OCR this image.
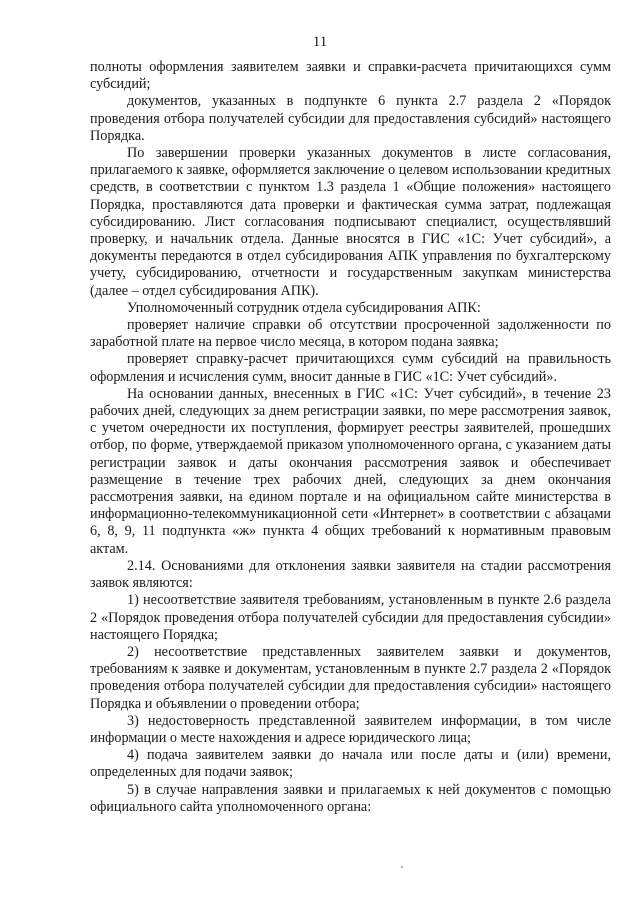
11

полноты оформления заявителем заявки и справки-расчета причитающихся сумм субсидий;

документов, указанных в подпункте 6 пункта 2.7 раздела 2 «Порядок проведения отбора получателей субсидии для предоставления субсидий» настоящего Порядка.

По завершении проверки указанных документов в листе согласования, прилагаемого к заявке, оформляется заключение о целевом использовании кредитных средств, в соответствии с пунктом 1.3 раздела 1 «Общие положения» настоящего Порядка, проставляются дата проверки и фактическая сумма затрат, подлежащая субсидированию. Лист согласования подписывают специалист, осуществлявший проверку, и начальник отдела. Данные вносятся в ГИС «1С: Учет субсидий», а документы передаются в отдел субсидирования АПК управления по бухгалтерскому учету, субсидированию, отчетности и государственным закупкам министерства (далее – отдел субсидирования АПК).

Уполномоченный сотрудник отдела субсидирования АПК:

проверяет наличие справки об отсутствии просроченной задолженности по заработной плате на первое число месяца, в котором подана заявка;

проверяет справку-расчет причитающихся сумм субсидий на правильность оформления и исчисления сумм, вносит данные в ГИС «1С: Учет субсидий».

На основании данных, внесенных в ГИС «1С: Учет субсидий», в течение 23 рабочих дней, следующих за днем регистрации заявки, по мере рассмотрения заявок, с учетом очередности их поступления, формирует реестры заявителей, прошедших отбор, по форме, утверждаемой приказом уполномоченного органа, с указанием даты регистрации заявок и даты окончания рассмотрения заявок и обеспечивает размещение в течение трех рабочих дней, следующих за днем окончания рассмотрения заявки, на едином портале и на официальном сайте министерства в информационно-телекоммуникационной сети «Интернет» в соответствии с абзацами 6, 8, 9, 11 подпункта «ж» пункта 4 общих требований к нормативным правовым актам.

2.14. Основаниями для отклонения заявки заявителя на стадии рассмотрения заявок являются:

1) несоответствие заявителя требованиям, установленным в пункте 2.6 раздела 2 «Порядок проведения отбора получателей субсидии для предоставления субсидии» настоящего Порядка;

2) несоответствие представленных заявителем заявки и документов, требованиям к заявке и документам, установленным в пункте 2.7 раздела 2 «Порядок проведения отбора получателей субсидии для предоставления субсидии» настоящего Порядка и объявлении о проведении отбора;

3) недостоверность представленной заявителем информации, в том числе информации о месте нахождения и адресе юридического лица;

4) подача заявителем заявки до начала или после даты и (или) времени, определенных для подачи заявок;

5) в случае направления заявки и прилагаемых к ней документов с помощью официального сайта уполномоченного органа:
